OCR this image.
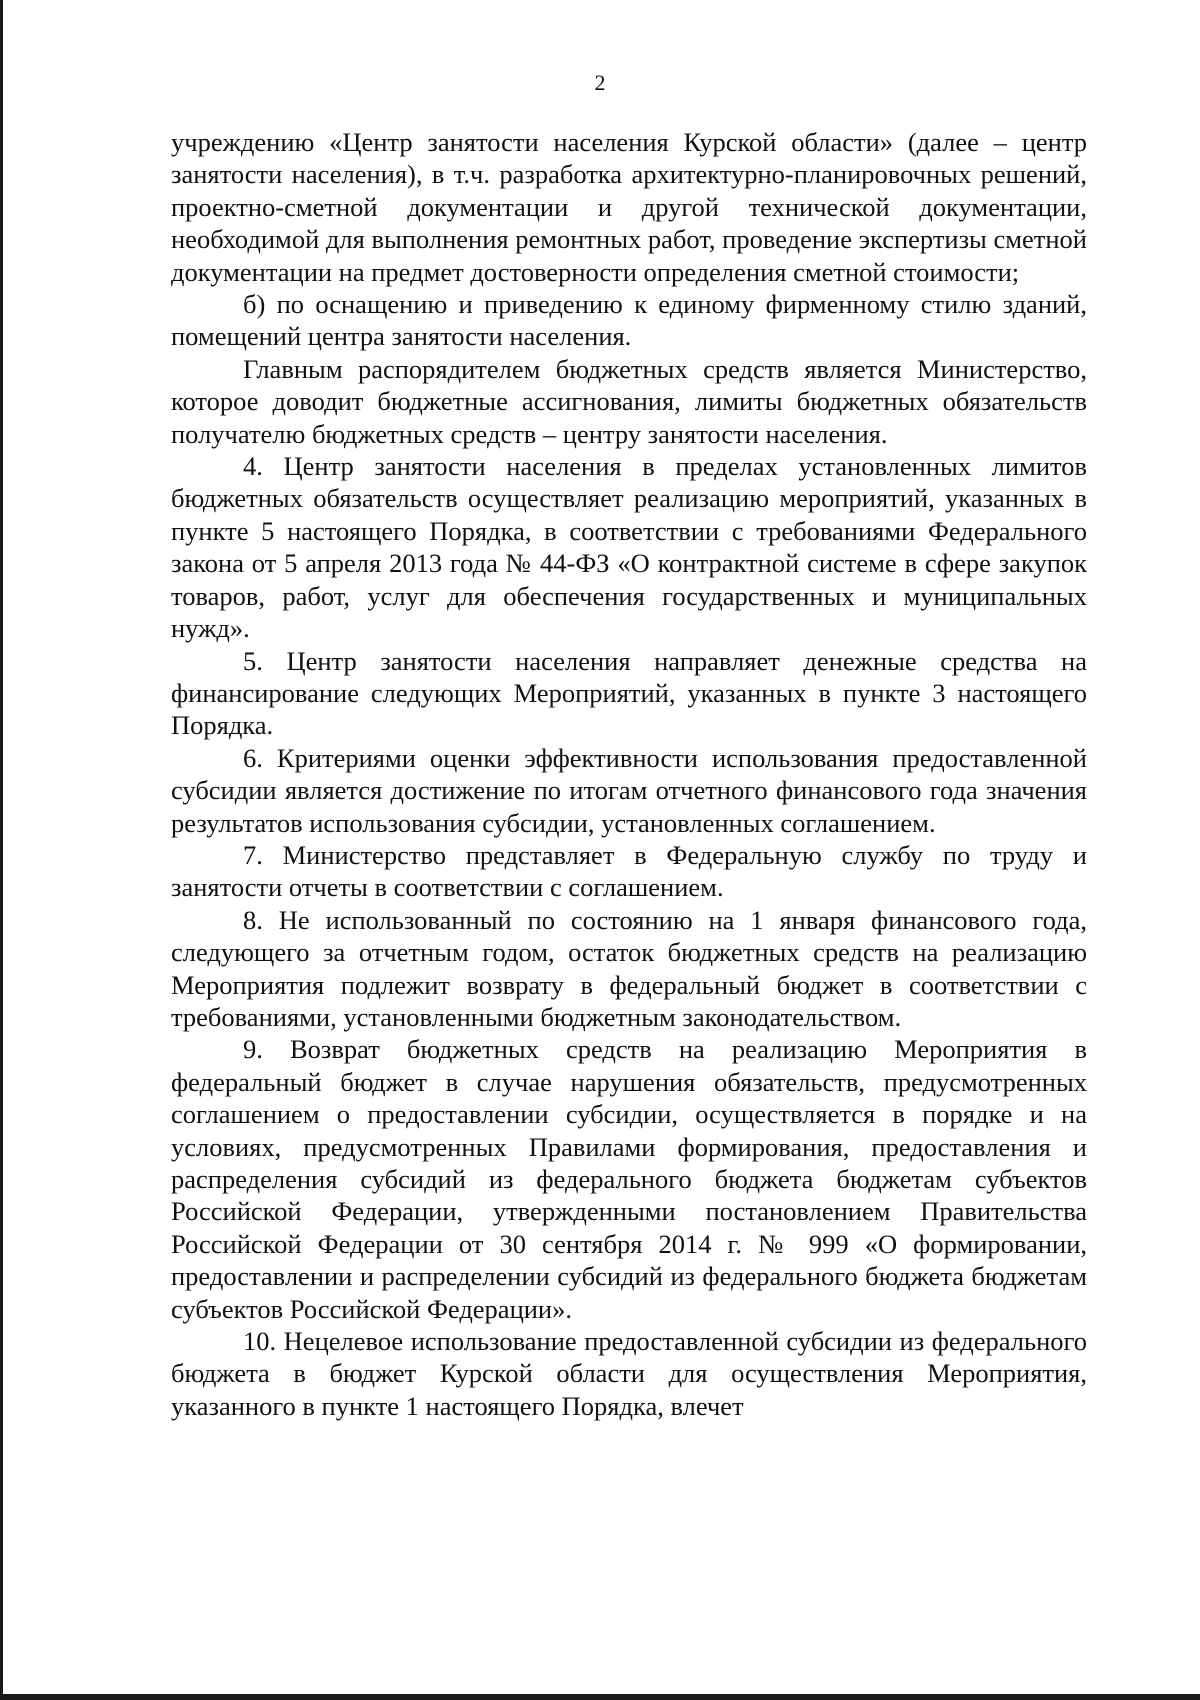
2

учреждению «Центр занятости населения Курской области» (далее – центр занятости населения), в т.ч. разработка архитектурно-планировочных решений, проектно-сметной документации и другой технической документации, необходимой для выполнения ремонтных работ, проведение экспертизы сметной документации на предмет достоверности определения сметной стоимости;

б) по оснащению и приведению к единому фирменному стилю зданий, помещений центра занятости населения.

Главным распорядителем бюджетных средств является Министерство, которое доводит бюджетные ассигнования, лимиты бюджетных обязательств получателю бюджетных средств – центру занятости населения.

4. Центр занятости населения в пределах установленных лимитов бюджетных обязательств осуществляет реализацию мероприятий, указанных в пункте 5 настоящего Порядка, в соответствии с требованиями Федерального закона от 5 апреля 2013 года № 44-ФЗ «О контрактной системе в сфере закупок товаров, работ, услуг для обеспечения государственных и муниципальных нужд».

5. Центр занятости населения направляет денежные средства на финансирование следующих Мероприятий, указанных в пункте 3 настоящего Порядка.

6. Критериями оценки эффективности использования предоставленной субсидии является достижение по итогам отчетного финансового года значения результатов использования субсидии, установленных соглашением.

7. Министерство представляет в Федеральную службу по труду и занятости отчеты в соответствии с соглашением.

8. Не использованный по состоянию на 1 января финансового года, следующего за отчетным годом, остаток бюджетных средств на реализацию Мероприятия подлежит возврату в федеральный бюджет в соответствии с требованиями, установленными бюджетным законодательством.

9. Возврат бюджетных средств на реализацию Мероприятия в федеральный бюджет в случае нарушения обязательств, предусмотренных соглашением о предоставлении субсидии, осуществляется в порядке и на условиях, предусмотренных Правилами формирования, предоставления и распределения субсидий из федерального бюджета бюджетам субъектов Российской Федерации, утвержденными постановлением Правительства Российской Федерации от 30 сентября 2014 г. № 999 «О формировании, предоставлении и распределении субсидий из федерального бюджета бюджетам субъектов Российской Федерации».

10. Нецелевое использование предоставленной субсидии из федерального бюджета в бюджет Курской области для осуществления Мероприятия, указанного в пункте 1 настоящего Порядка, влечет
